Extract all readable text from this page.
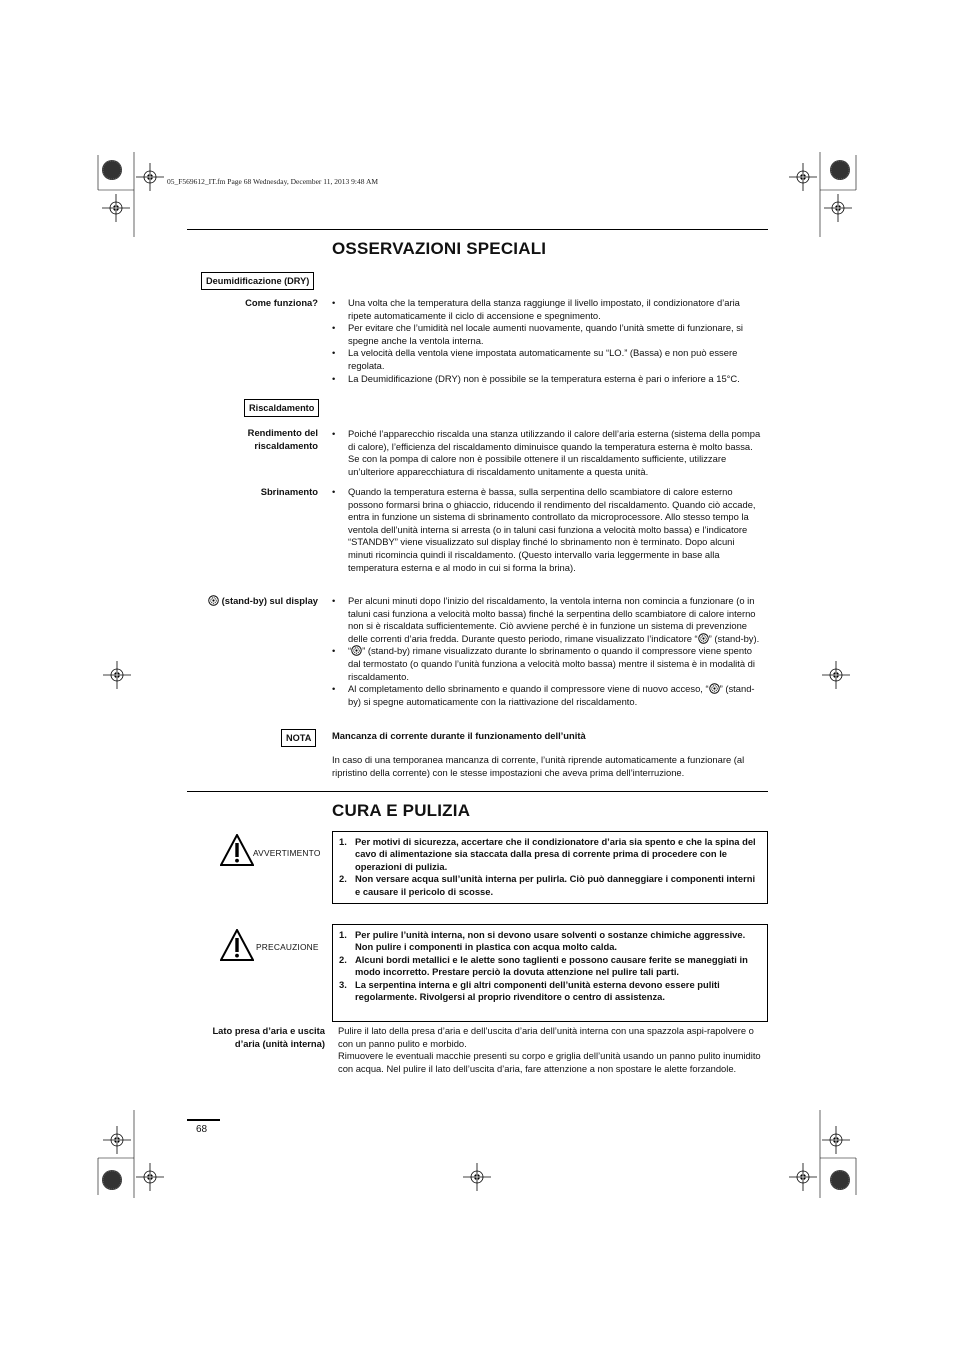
05_F569612_IT.fm Page 68 Wednesday, December 11, 2013 9:48 AM
OSSERVAZIONI SPECIALI
Deumidificazione (DRY)
Come funziona?	• Una volta che la temperatura della stanza raggiunge il livello impostato, il condizionatore d’aria ripete automaticamente il ciclo di accensione e spegnimento.
• Per evitare che l’umidità nel locale aumenti nuovamente, quando l’unità smette di funzionare, si spegne anche la ventola interna.
• La velocità della ventola viene impostata automaticamente su “LO.” (Bassa) e non può essere regolata.
• La Deumidificazione (DRY) non è possibile se la temperatura esterna è pari o inferiore a 15°C.
Riscaldamento
Rendimento del riscaldamento
• Poiché l’apparecchio riscalda una stanza utilizzando il calore dell’aria esterna (sistema della pompa di calore), l’efficienza del riscaldamento diminuisce quando la temperatura esterna è molto bassa. Se con la pompa di calore non è possibile ottenere il un riscaldamento sufficiente, utilizzare un’ulteriore apparecchiatura di riscaldamento unitamente a questa unità.
Sbrinamento	• Quando la temperatura esterna è bassa, sulla serpentina dello scambiatore di calore esterno possono formarsi brina o ghiaccio, riducendo il rendimento del riscaldamento. Quando ciò accade, entra in funzione un sistema di sbrinamento controllato da microprocessore. Allo stesso tempo la ventola dell’unità interna si arresta (o in taluni casi funziona a velocità molto bassa) e l’indicatore “STANDBY” viene visualizzato sul display finché lo sbrinamento non è terminato. Dopo alcuni minuti ricomincia quindi il riscaldamento. (Questo intervallo varia leggermente in base alla temperatura esterna e al modo in cui si forma la brina).
(stand-by) sul display	• Per alcuni minuti dopo l’inizio del riscaldamento, la ventola interna non comincia a funzionare (o in taluni casi funziona a velocità molto bassa) finché la serpentina dello scambiatore di calore interno non si è riscaldata sufficientemente. Ciò avviene perché è in funzione un sistema di prevenzione delle correnti d’aria fredda. Durante questo periodo, rimane visualizzato l’indicatore “ ” (stand-by).
• “ ” (stand-by) rimane visualizzato durante lo sbrinamento o quando il compressore viene spento dal termostato (o quando l’unità funziona a velocità molto bassa) mentre il sistema è in modalità di riscaldamento.
• Al completamento dello sbrinamento e quando il compressore viene di nuovo acceso, “ ” (stand-by) si spegne automaticamente con la riattivazione del riscaldamento.
NOTA	Mancanza di corrente durante il funzionamento dell’unità
In caso di una temporanea mancanza di corrente, l’unità riprende automaticamente a funzionare (al ripristino della corrente) con le stesse impostazioni che aveva prima dell’interruzione.
CURA E PULIZIA
AVVERTIMENTO
1. Per motivi di sicurezza, accertare che il condizionatore d’aria sia spento e che la spina del cavo di alimentazione sia staccata dalla presa di corrente prima di procedere con le operazioni di pulizia.
2. Non versare acqua sull’unità interna per pulirla. Ciò può danneggiare i componenti interni e causare il pericolo di scosse.
PRECAUZIONE
1. Per pulire l’unità interna, non si devono usare solventi o sostanze chimiche aggressive. Non pulire i componenti in plastica con acqua molto calda.
2. Alcuni bordi metallici e le alette sono taglienti e possono causare ferite se maneggiati in modo incorretto. Prestare perciò la dovuta attenzione nel pulire tali parti.
3. La serpentina interna e gli altri componenti dell’unità esterna devono essere puliti regolarmente. Rivolgersi al proprio rivenditore o centro di assistenza.
Lato presa d’aria e uscita d’aria (unità interna)
Pulire il lato della presa d’aria e dell’uscita d’aria dell’unità interna con una spazzola aspi-rapolvere o con un panno pulito e morbido.
Rimuovere le eventuali macchie presenti su corpo e griglia dell’unità usando un panno pulito inumidito con acqua. Nel pulire il lato dell’uscita d’aria, fare attenzione a non spostare le alette forzandole.
68
